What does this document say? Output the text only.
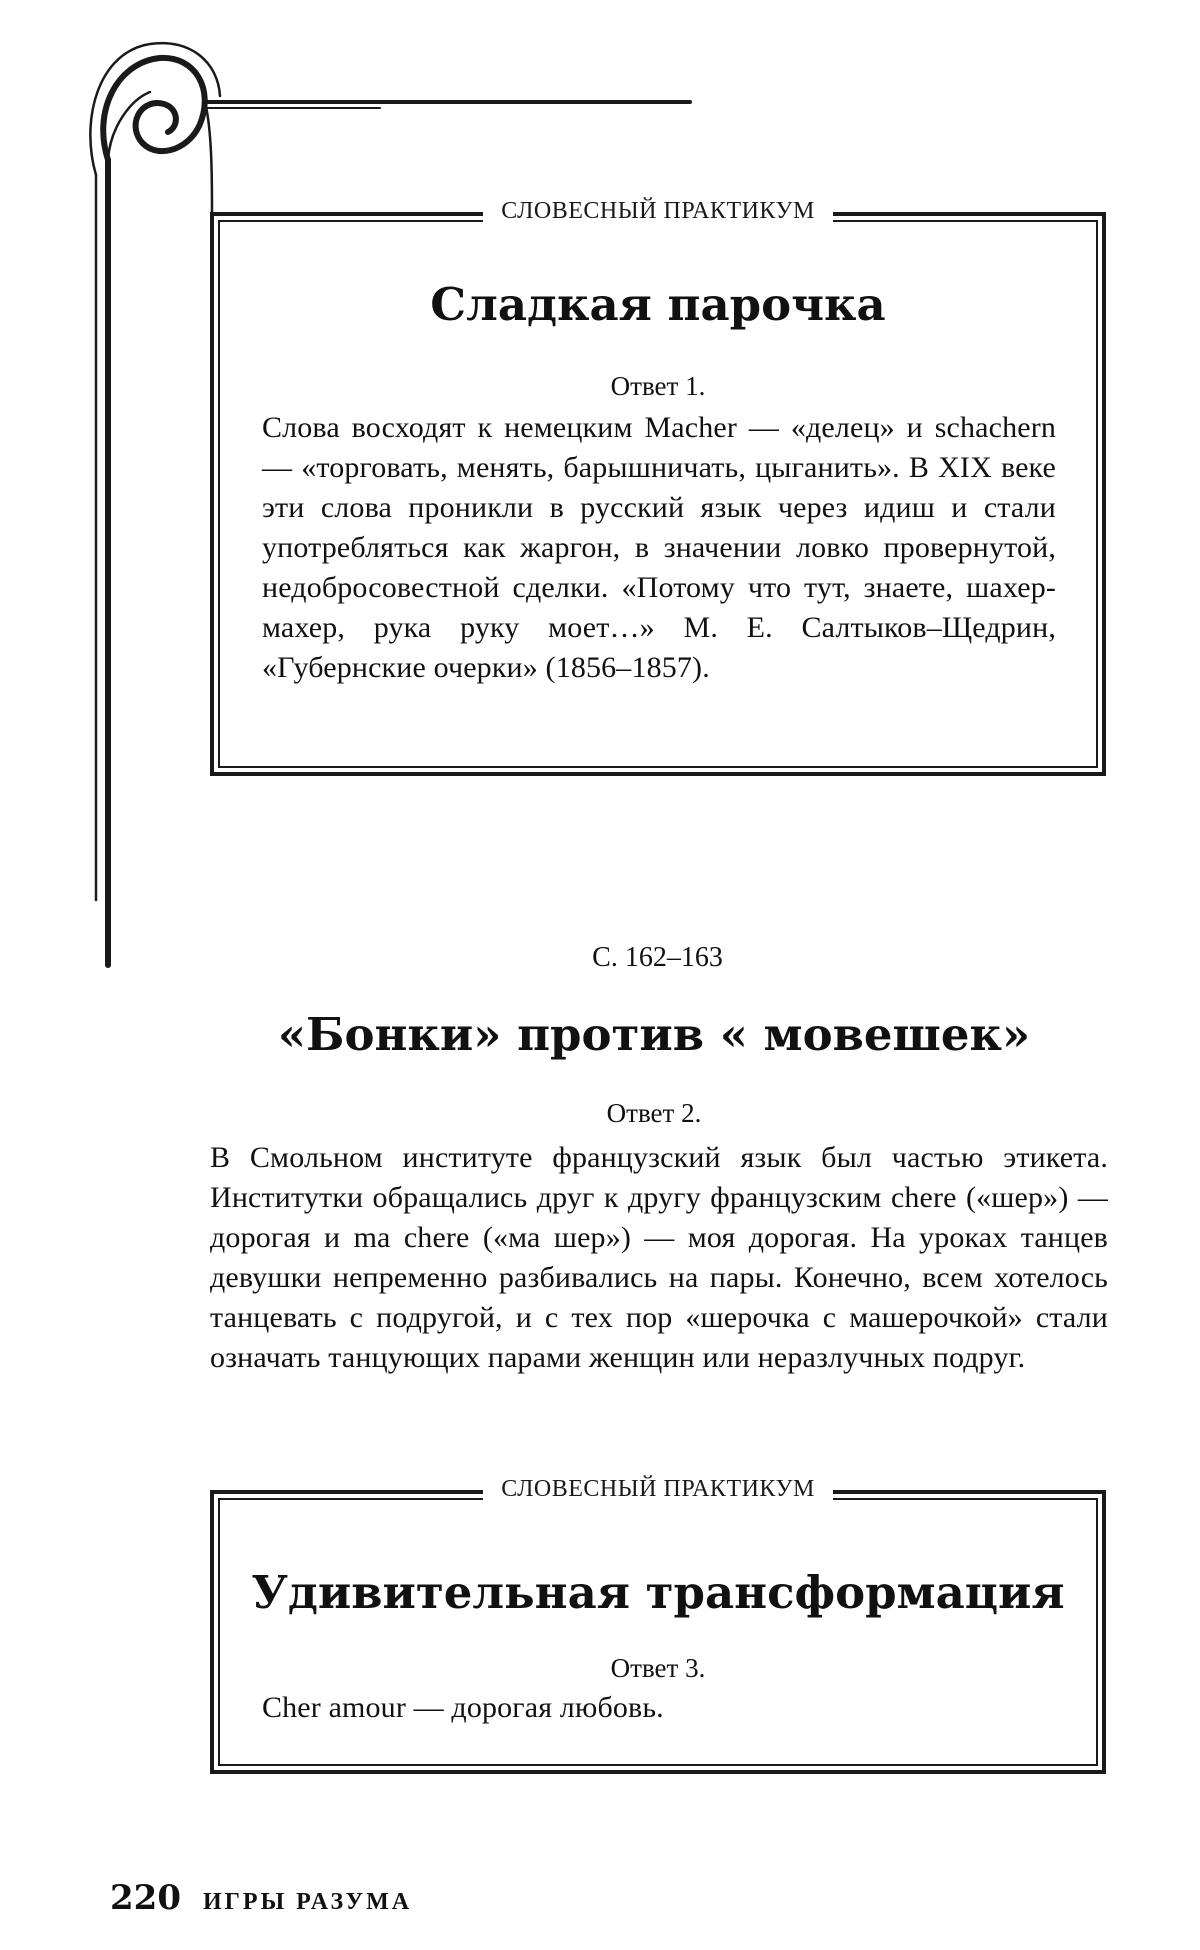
СЛОВЕСНЫЙ ПРАКТИКУМ
Сладкая парочка

Ответ 1.

Слова восходят к немецким Macher — «делец» и schachern — «торговать, менять, барышничать, цыганить». В XIX веке эти слова проникли в русский язык через идиш и стали употребляться как жаргон, в значении ловко провернутой, недобросовестной сделки. «Потому что тут, знаете, шахер-махер, рука руку моет…» М. Е. Салтыков–Щедрин, «Губернские очерки» (1856–1857).

С. 162–163
«Бонки» против « мовешек»

Ответ 2.

В Смольном институте французский язык был частью этикета. Институтки обращались друг к другу французским chere («шер») — дорогая и ma chere («ма шер») — моя дорогая. На уроках танцев девушки непременно разбивались на пары. Конечно, всем хотелось танцевать с подругой, и с тех пор «шерочка с машерочкой» стали означать танцующих парами женщин или неразлучных подруг.

СЛОВЕСНЫЙ ПРАКТИКУМ
Удивительная трансформация

Ответ 3.

Cher amour — дорогая любовь.

220 ИГРЫ РАЗУМА
